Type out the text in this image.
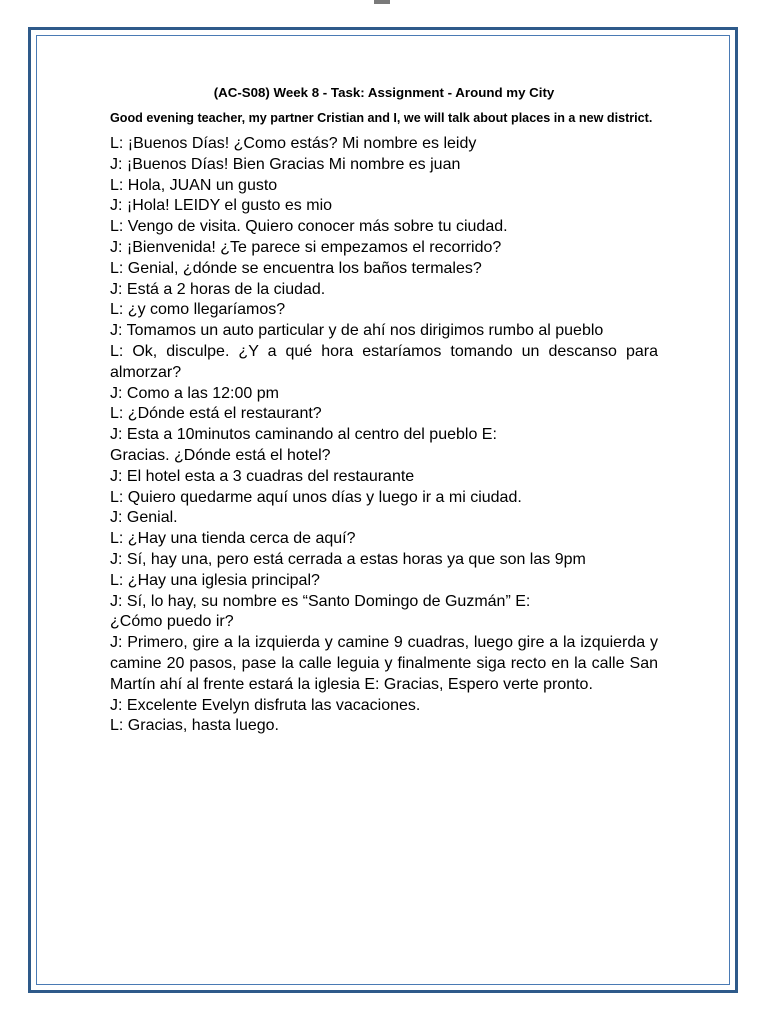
(AC-S08) Week 8 - Task: Assignment - Around my City

Good evening teacher, my partner Cristian and I, we will talk about places in a new district.

L: ¡Buenos Días! ¿Como estás? Mi nombre es leidy

J: ¡Buenos Días! Bien Gracias Mi nombre es juan

L: Hola, JUAN un gusto

J: ¡Hola! LEIDY el gusto es mio

L: Vengo de visita. Quiero conocer más sobre tu ciudad.

J: ¡Bienvenida! ¿Te parece si empezamos el recorrido?

L: Genial, ¿dónde se encuentra los baños termales?

J: Está a 2 horas de la ciudad.

L: ¿y como llegaríamos?

J: Tomamos un auto particular y de ahí nos dirigimos rumbo al pueblo

L: Ok, disculpe. ¿Y a qué hora estaríamos tomando un descanso para almorzar?

J: Como a las 12:00 pm

L: ¿Dónde está el restaurant?

J: Esta a 10minutos caminando al centro del pueblo E:

Gracias. ¿Dónde está el hotel?

J: El hotel esta a 3 cuadras del restaurante

L: Quiero quedarme aquí unos días y luego ir a mi ciudad.

J: Genial.

L: ¿Hay una tienda cerca de aquí?

J: Sí, hay una, pero está cerrada a estas horas ya que son las 9pm

L: ¿Hay una iglesia principal?

J: Sí, lo hay, su nombre es “Santo Domingo de Guzmán” E:

¿Cómo puedo ir?

J: Primero, gire a la izquierda y camine 9 cuadras, luego gire a la izquierda y camine 20 pasos, pase la calle leguia y finalmente siga recto en la calle San Martín ahí al frente estará la iglesia E: Gracias, Espero verte pronto.

J: Excelente Evelyn disfruta las vacaciones.

L: Gracias, hasta luego.
